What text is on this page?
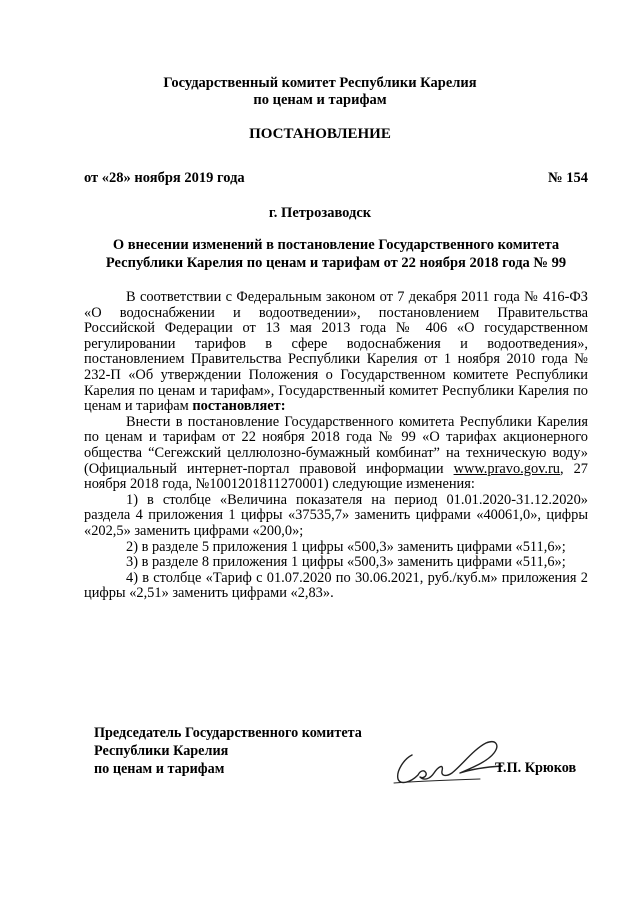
Государственный комитет Республики Карелия
по ценам и тарифам
ПОСТАНОВЛЕНИЕ
от «28» ноября 2019 года	№ 154
г. Петрозаводск
О внесении изменений в постановление Государственного комитета
Республики Карелия по ценам и тарифам от 22 ноября 2018 года № 99

В соответствии с Федеральным законом от 7 декабря 2011 года № 416-ФЗ «О водоснабжении и водоотведении», постановлением Правительства Российской Федерации от 13 мая 2013 года № 406 «О государственном регулировании тарифов в сфере водоснабжения и водоотведения», постановлением Правительства Республики Карелия от 1 ноября 2010 года № 232-П «Об утверждении Положения о Государственном комитете Республики Карелия по ценам и тарифам», Государственный комитет Республики Карелия по ценам и тарифам постановляет:

Внести в постановление Государственного комитета Республики Карелия по ценам и тарифам от 22 ноября 2018 года № 99 «О тарифах акционерного общества “Сегежский целлюлозно-бумажный комбинат” на техническую воду» (Официальный интернет-портал правовой информации www.pravo.gov.ru, 27 ноября 2018 года, №1001201811270001) следующие изменения:

1) в столбце «Величина показателя на период 01.01.2020-31.12.2020» раздела 4 приложения 1 цифры «37535,7» заменить цифрами «40061,0», цифры «202,5» заменить цифрами «200,0»;

2) в разделе 5 приложения 1 цифры «500,3» заменить цифрами «511,6»;

3) в разделе 8 приложения 1 цифры «500,3» заменить цифрами «511,6»;

4) в столбце «Тариф с 01.07.2020 по 30.06.2021, руб./куб.м» приложения 2 цифры «2,51» заменить цифрами «2,83».

Председатель Государственного комитета
Республики Карелия
по ценам и тарифам	Т.П. Крюков
